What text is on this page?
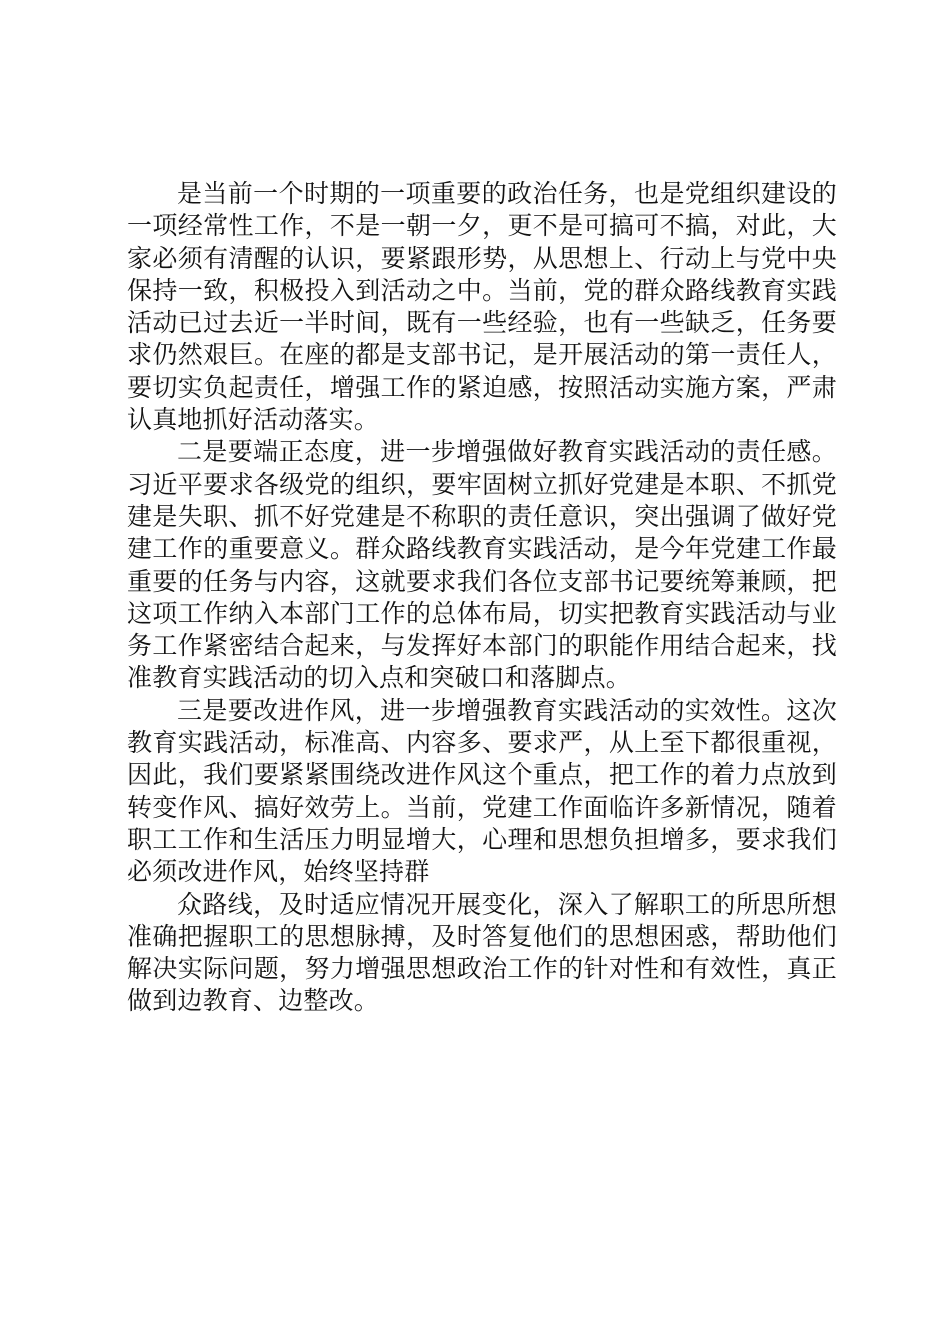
是当前一个时期的一项重要的政治任务，也是党组织建设的一项经常性工作，不是一朝一夕，更不是可搞可不搞，对此，大家必须有清醒的认识，要紧跟形势，从思想上、行动上与党中央保持一致，积极投入到活动之中。当前，党的群众路线教育实践活动已过去近一半时间，既有一些经验，也有一些缺乏，任务要求仍然艰巨。在座的都是支部书记，是开展活动的第一责任人，要切实负起责任，增强工作的紧迫感，按照活动实施方案，严肃认真地抓好活动落实。

二是要端正态度，进一步增强做好教育实践活动的责任感。习近平要求各级党的组织，要牢固树立抓好党建是本职、不抓党建是失职、抓不好党建是不称职的责任意识，突出强调了做好党建工作的重要意义。群众路线教育实践活动，是今年党建工作最重要的任务与内容，这就要求我们各位支部书记要统筹兼顾，把这项工作纳入本部门工作的总体布局，切实把教育实践活动与业务工作紧密结合起来，与发挥好本部门的职能作用结合起来，找准教育实践活动的切入点和突破口和落脚点。

三是要改进作风，进一步增强教育实践活动的实效性。这次教育实践活动，标准高、内容多、要求严，从上至下都很重视，因此，我们要紧紧围绕改进作风这个重点，把工作的着力点放到转变作风、搞好效劳上。当前，党建工作面临许多新情况，随着职工工作和生活压力明显增大，心理和思想负担增多，要求我们必须改进作风，始终坚持群

众路线，及时适应情况开展变化，深入了解职工的所思所想准确把握职工的思想脉搏，及时答复他们的思想困惑，帮助他们解决实际问题，努力增强思想政治工作的针对性和有效性，真正做到边教育、边整改。
